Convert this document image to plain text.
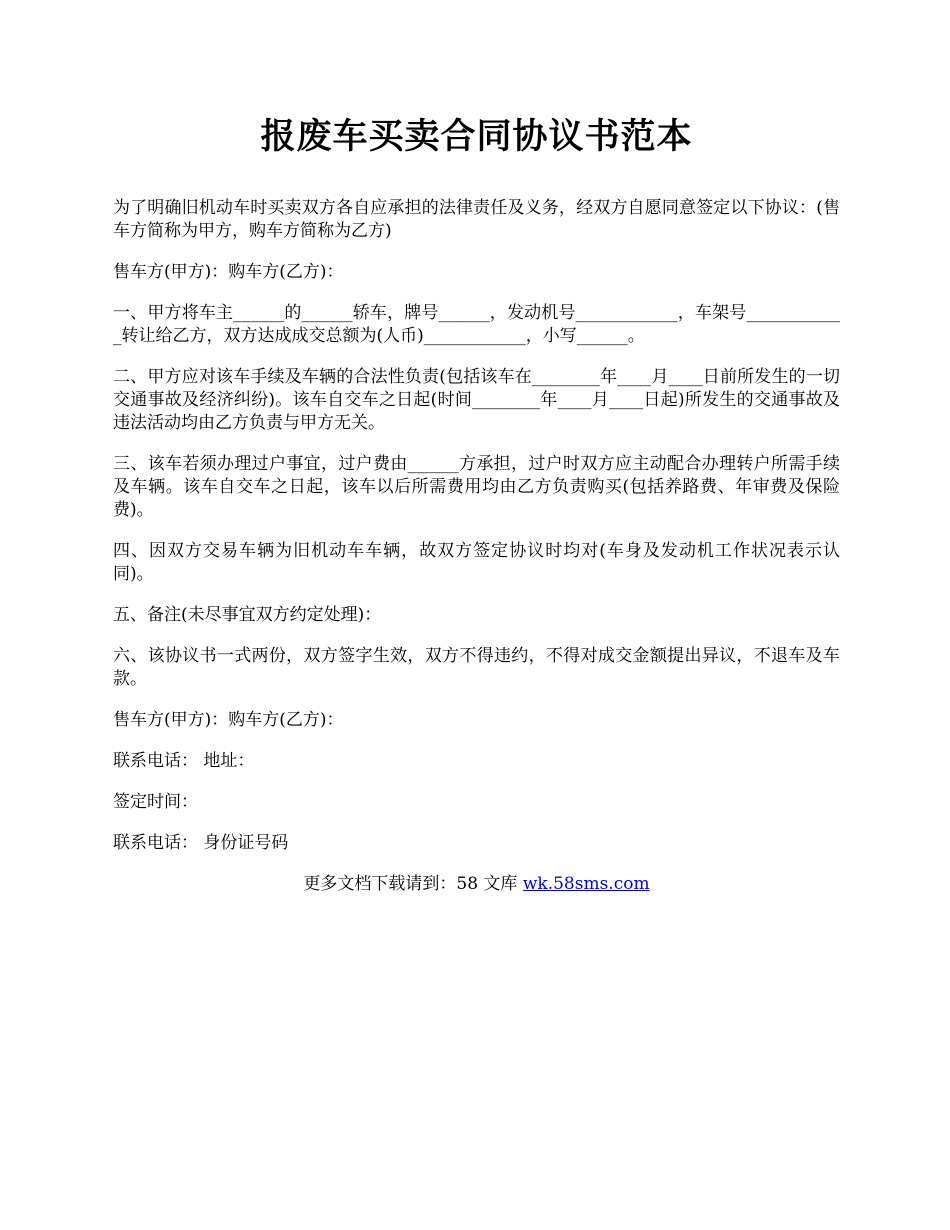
报废车买卖合同协议书范本

为了明确旧机动车时买卖双方各自应承担的法律责任及义务，经双方自愿同意签定以下协议：(售车方简称为甲方，购车方简称为乙方)

售车方(甲方)：购车方(乙方)：

一、甲方将车主______的______轿车，牌号______，发动机号____________，车架号____________转让给乙方，双方达成成交总额为(人币)____________，小写______。

二、甲方应对该车手续及车辆的合法性负责(包括该车在________年____月____日前所发生的一切交通事故及经济纠纷)。该车自交车之日起(时间________年____月____日起)所发生的交通事故及违法活动均由乙方负责与甲方无关。

三、该车若须办理过户事宜，过户费由______方承担，过户时双方应主动配合办理转户所需手续及车辆。该车自交车之日起，该车以后所需费用均由乙方负责购买(包括养路费、年审费及保险费)。

四、因双方交易车辆为旧机动车车辆，故双方签定协议时均对(车身及发动机工作状况表示认同)。

五、备注(未尽事宜双方约定处理)：

六、该协议书一式两份，双方签字生效，双方不得违约，不得对成交金额提出异议，不退车及车款。

售车方(甲方)：购车方(乙方)：

联系电话： 地址：

签定时间：

联系电话： 身份证号码

更多文档下载请到：58 文库 wk.58sms.com
